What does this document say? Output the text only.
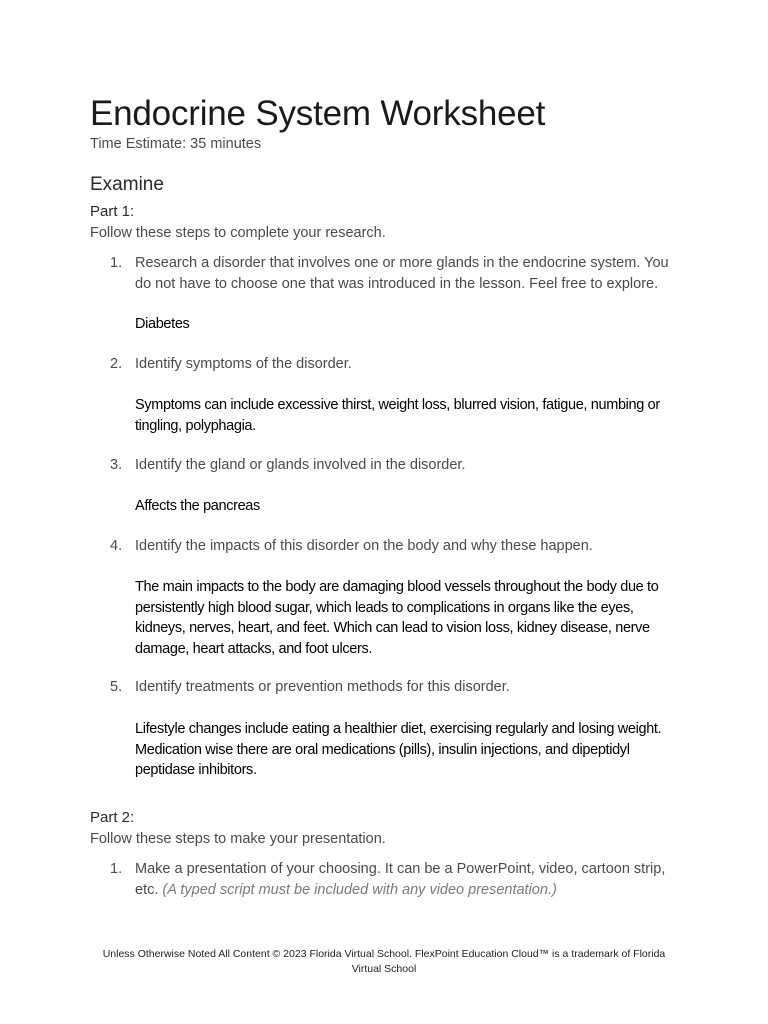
Endocrine System Worksheet
Time Estimate: 35 minutes
Examine
Part 1:
Follow these steps to complete your research.
1. Research a disorder that involves one or more glands in the endocrine system. You do not have to choose one that was introduced in the lesson. Feel free to explore.
Diabetes
2. Identify symptoms of the disorder.
Symptoms can include excessive thirst, weight loss, blurred vision, fatigue, numbing or tingling, polyphagia.
3. Identify the gland or glands involved in the disorder.
Affects the pancreas
4. Identify the impacts of this disorder on the body and why these happen.
The main impacts to the body are damaging blood vessels throughout the body due to persistently high blood sugar, which leads to complications in organs like the eyes, kidneys, nerves, heart, and feet. Which can lead to vision loss, kidney disease, nerve damage, heart attacks, and foot ulcers.
5. Identify treatments or prevention methods for this disorder.
Lifestyle changes include eating a healthier diet, exercising regularly and losing weight. Medication wise there are oral medications (pills), insulin injections, and dipeptidyl peptidase inhibitors.
Part 2:
Follow these steps to make your presentation.
1. Make a presentation of your choosing. It can be a PowerPoint, video, cartoon strip, etc. (A typed script must be included with any video presentation.)
Unless Otherwise Noted All Content © 2023 Florida Virtual School. FlexPoint Education Cloud™ is a trademark of Florida
Virtual School
